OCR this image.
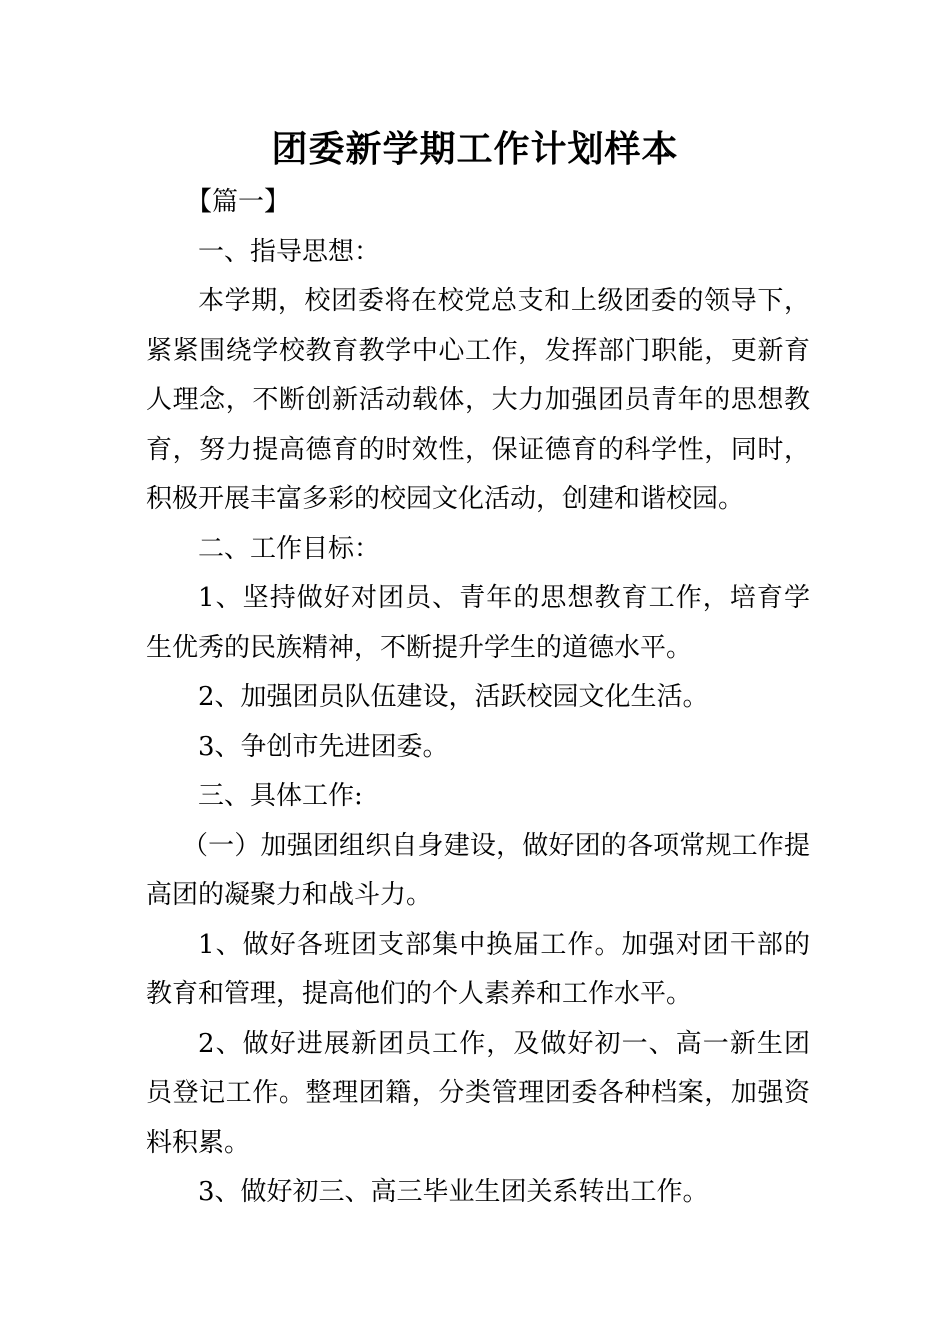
团委新学期工作计划样本

【篇一】

一、指导思想：

本学期，校团委将在校党总支和上级团委的领导下，紧紧围绕学校教育教学中心工作，发挥部门职能，更新育人理念，不断创新活动载体，大力加强团员青年的思想教育，努力提高德育的时效性，保证德育的科学性，同时，积极开展丰富多彩的校园文化活动，创建和谐校园。

二、工作目标：

1、坚持做好对团员、青年的思想教育工作，培育学生优秀的民族精神，不断提升学生的道德水平。

2、加强团员队伍建设，活跃校园文化生活。

3、争创市先进团委。

三、具体工作:

（一）加强团组织自身建设，做好团的各项常规工作提高团的凝聚力和战斗力。

1、做好各班团支部集中换届工作。加强对团干部的教育和管理，提高他们的个人素养和工作水平。

2、做好进展新团员工作，及做好初一、高一新生团员登记工作。整理团籍，分类管理团委各种档案，加强资料积累。

3、做好初三、高三毕业生团关系转出工作。
